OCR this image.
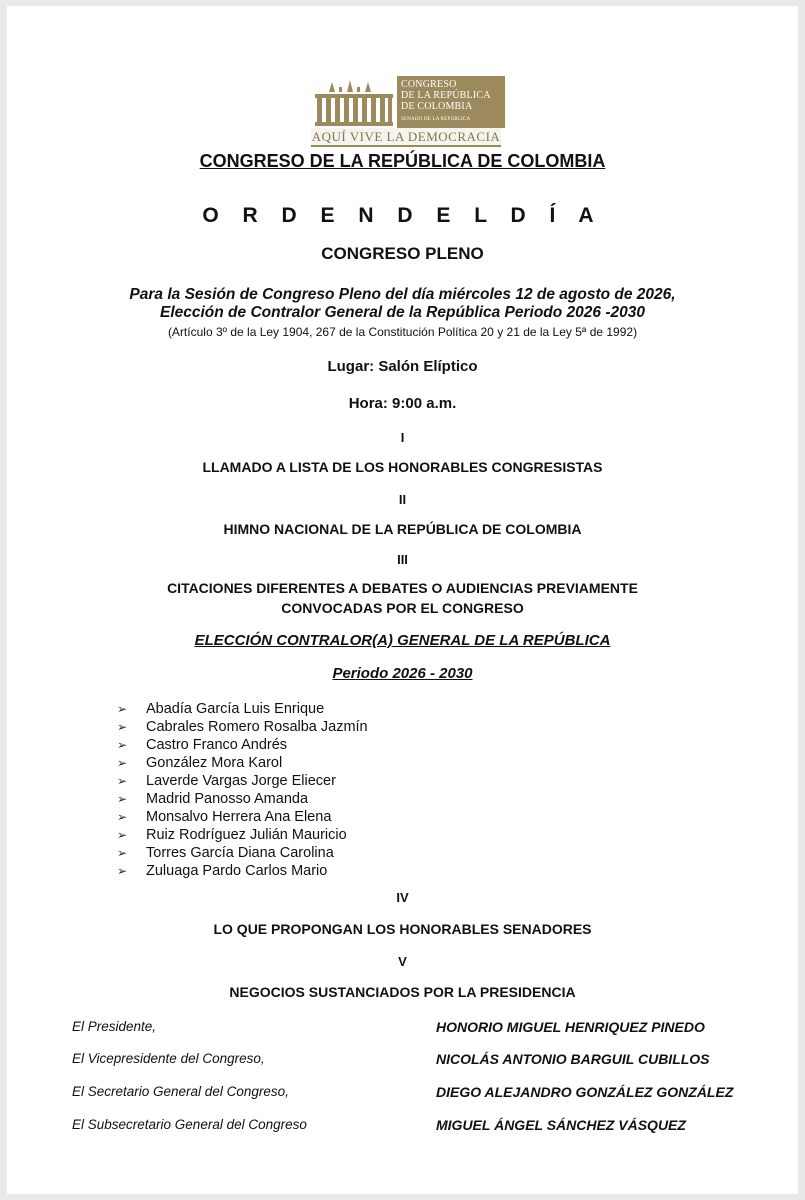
CONGRESO
DE LA REPÚBLICA
DE COLOMBIA
SENADO DE LA REPÚBLICA
AQUÍ VIVE LA DEMOCRACIA
CONGRESO DE LA REPÚBLICA DE COLOMBIA
O R D E N D E L D Í A
CONGRESO PLENO
Para la Sesión de Congreso Pleno del día miércoles 12 de agosto de 2026,
Elección de Contralor General de la República Periodo 2026 -2030
(Artículo 3º de la Ley 1904, 267 de la Constitución Política 20 y 21 de la Ley 5ª de 1992)
Lugar: Salón Elíptico
Hora: 9:00 a.m.
I
LLAMADO A LISTA DE LOS HONORABLES CONGRESISTAS
II
HIMNO NACIONAL DE LA REPÚBLICA DE COLOMBIA
III
CITACIONES DIFERENTES A DEBATES O AUDIENCIAS PREVIAMENTE
CONVOCADAS POR EL CONGRESO
ELECCIÓN CONTRALOR(A) GENERAL DE LA REPÚBLICA
Periodo 2026 - 2030
➢ Abadía García Luis Enrique
➢ Cabrales Romero Rosalba Jazmín
➢ Castro Franco Andrés
➢ González Mora Karol
➢ Laverde Vargas Jorge Eliecer
➢ Madrid Panosso Amanda
➢ Monsalvo Herrera Ana Elena
➢ Ruiz Rodríguez Julián Mauricio
➢ Torres García Diana Carolina
➢ Zuluaga Pardo Carlos Mario
IV
LO QUE PROPONGAN LOS HONORABLES SENADORES
V
NEGOCIOS SUSTANCIADOS POR LA PRESIDENCIA
El Presidente,	HONORIO MIGUEL HENRIQUEZ PINEDO
El Vicepresidente del Congreso,	NICOLÁS ANTONIO BARGUIL CUBILLOS
El Secretario General del Congreso,	DIEGO ALEJANDRO GONZÁLEZ GONZÁLEZ
El Subsecretario General del Congreso	MIGUEL ÁNGEL SÁNCHEZ VÁSQUEZ
